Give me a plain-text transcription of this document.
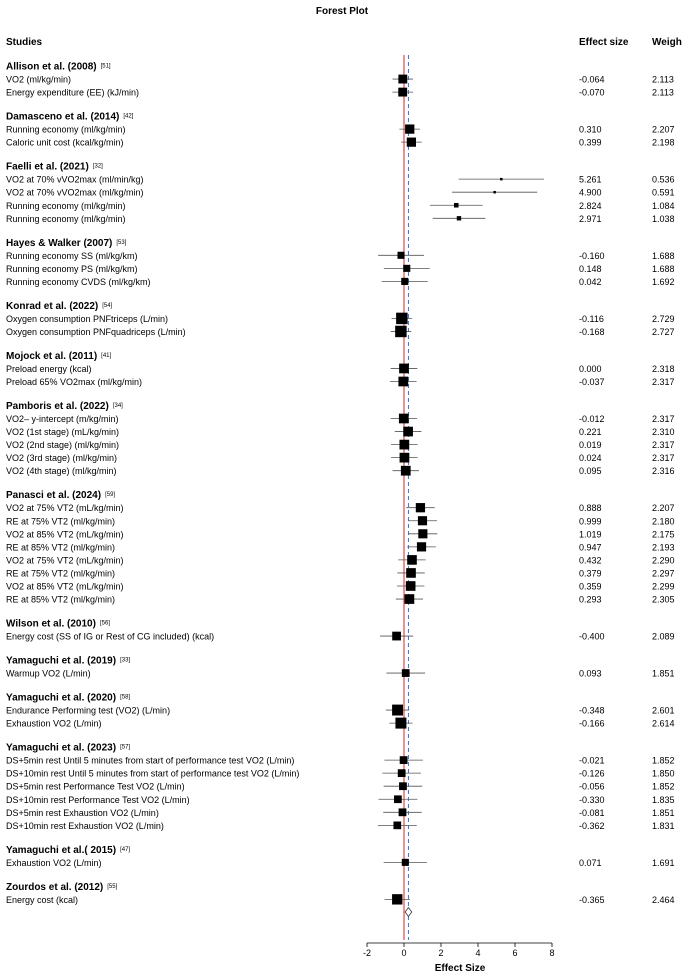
Forest Plot
Studies	Effect size Weigh
Allison et al. (2008) [51]
VO2 (ml/kg/min)	-0.064	2.113
Energy expenditure (EE) (kJ/min)	-0.070	2.113
Damasceno et al. (2014) [42]
Running economy (ml/kg/min)	0.310	2.207
Caloric unit cost (kcal/kg/min)	0.399	2.198
Faelli et al. (2021) [32]
VO2 at 70% vVO2max (ml/min/kg)	5.261	0.536
VO2 at 70% vVO2max (ml/kg/min)	4.900	0.591
Running economy (ml/kg/min)	2.824	1.084
Running economy (ml/kg/min)	2.971	1.038
Hayes & Walker (2007) [53]
Running economy SS (ml/kg/km)	-0.160	1.688
Running economy PS (ml/kg/km)	0.148	1.688
Running economy CVDS (ml/kg/km)	0.042	1.692
Konrad et al. (2022) [54]
Oxygen consumption PNFtriceps (L/min)	-0.116	2.729
Oxygen consumption PNFquadriceps (L/min)	-0.168	2.727
Mojock et al. (2011) [41]
Preload energy (kcal)	0.000	2.318
Preload 65% VO2max (ml/kg/min)	-0.037	2.317
Pamboris et al. (2022) [34]
VO2– y-intercept (m/kg/min)	-0.012	2.317
VO2 (1st stage) (mL/kg/min)	0.221	2.310
VO2 (2nd stage) (ml/kg/min)	0.019	2.317
VO2 (3rd stage) (ml/kg/min)	0.024	2.317
VO2 (4th stage) (ml/kg/min)	0.095	2.316
Panasci et al. (2024) [59]
VO2 at 75% VT2 (mL/kg/min)	0.888	2.207
RE at 75% VT2 (ml/kg/min)	0.999	2.180
VO2 at 85% VT2 (mL/kg/min)	1.019	2.175
RE at 85% VT2 (ml/kg/min)	0.947	2.193
VO2 at 75% VT2 (mL/kg/min)	0.432	2.290
RE at 75% VT2 (ml/kg/min)	0.379	2.297
VO2 at 85% VT2 (mL/kg/min)	0.359	2.299
RE at 85% VT2 (ml/kg/min)	0.293	2.305
Wilson et al. (2010) [56]
Energy cost (SS of IG or Rest of CG included) (kcal)	-0.400	2.089
Yamaguchi et al. (2019) [33]
Warmup VO2 (L/min)	0.093	1.851
Yamaguchi et al. (2020) [58]
Endurance Performing test (VO2) (L/min)	-0.348	2.601
Exhaustion VO2 (L/min)	-0.166	2.614
Yamaguchi et al. (2023) [57]
DS+5min rest Until 5 minutes from start of performance test VO2 (L/min)	-0.021	1.852
DS+10min rest Until 5 minutes from start of performance test VO2 (L/min)	-0.126	1.850
DS+5min rest Performance Test VO2 (L/min)	-0.056	1.852
DS+10min rest Performance Test VO2 (L/min)	-0.330	1.835
DS+5min rest Exhaustion VO2 (L/min)	-0.081	1.851
DS+10min rest Exhaustion VO2 (L/min)	-0.362	1.831
Yamaguchi et al.( 2015) [47]
Exhaustion VO2 (L/min)	0.071	1.691
Zourdos et al. (2012) [55]
Energy cost (kcal)	-0.365	2.464
-2	0	2	4	6	8
Effect Size
